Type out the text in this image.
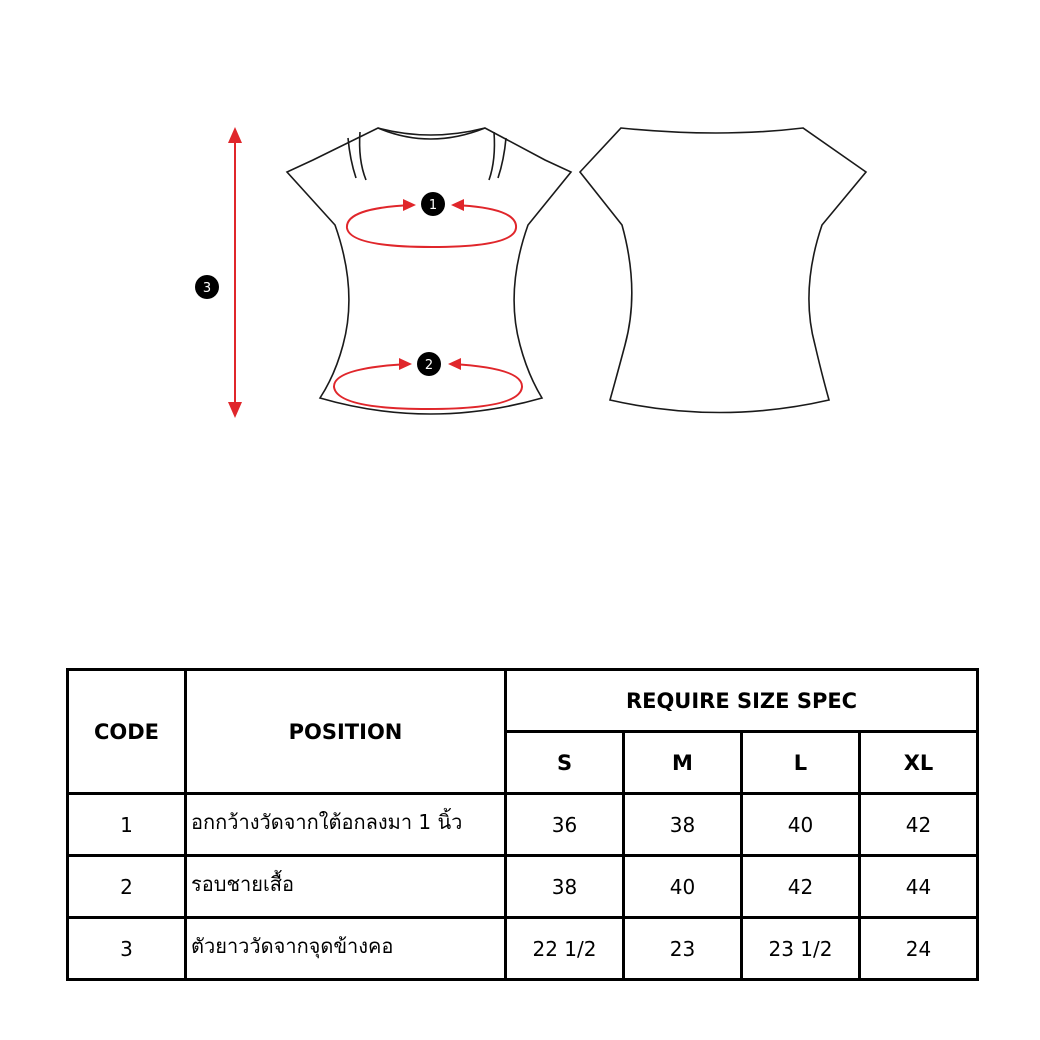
1
2
3
CODE	POSITION	REQUIRE SIZE SPEC			
		S	M	L	XL
1	อกกว้างวัดจากใต้อกลงมา 1 นิ้ว	36	38	40	42
2	รอบชายเสื้อ	38	40	42	44
3	ตัวยาววัดจากจุดข้างคอ	22 1/2	23	23 1/2	24
